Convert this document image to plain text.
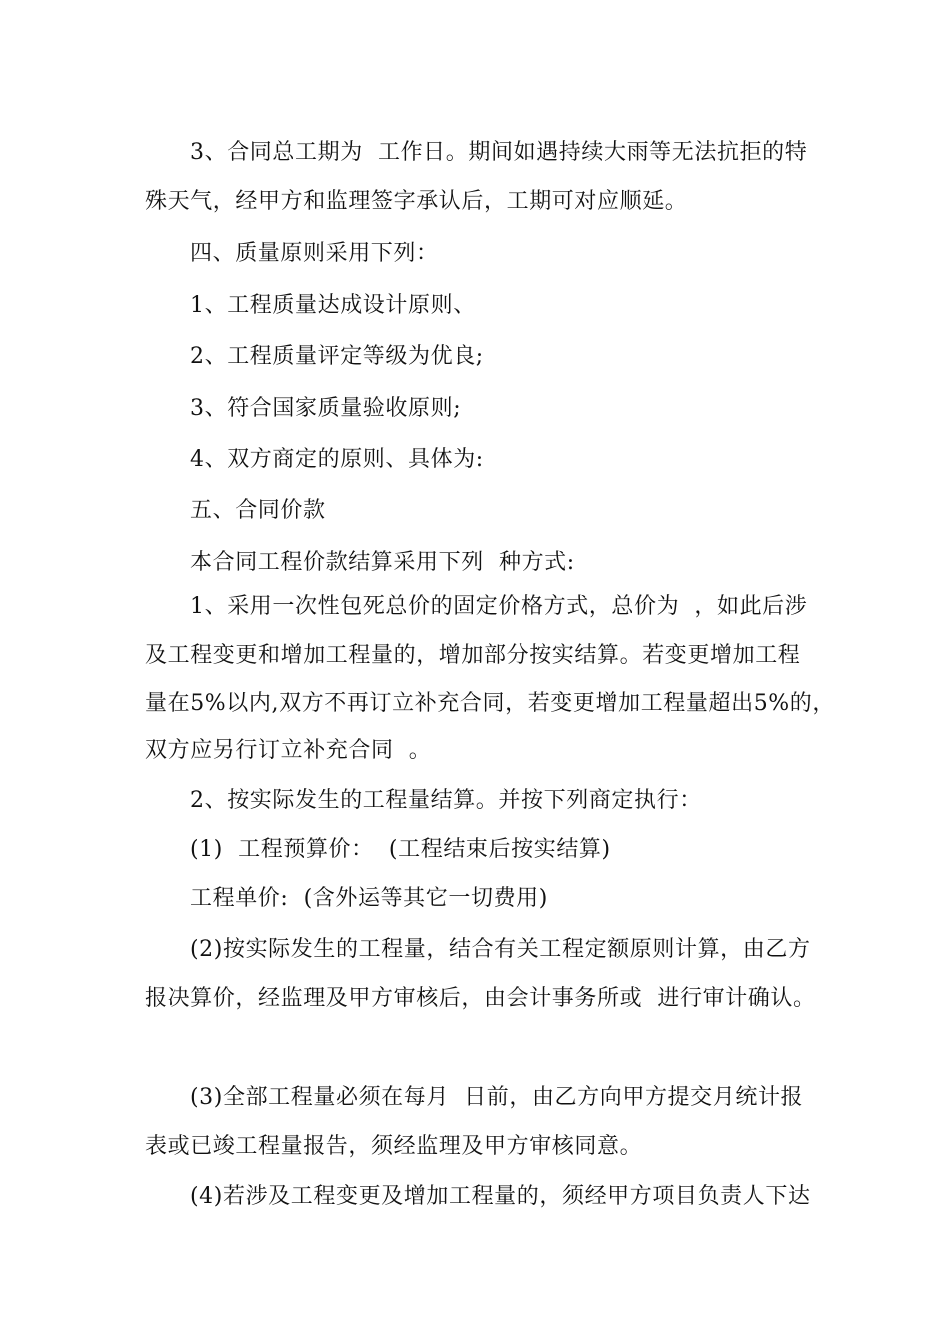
3、合同总工期为  工作日。期间如遇持续大雨等无法抗拒的特
殊天气，经甲方和监理签字承认后，工期可对应顺延。
四、质量原则采用下列：
1、工程质量达成设计原则、
2、工程质量评定等级为优良;
3、符合国家质量验收原则;
4、双方商定的原则、具体为:
五、合同价款
本合同工程价款结算采用下列  种方式:
1、采用一次性包死总价的固定价格方式，总价为  ，如此后涉
及工程变更和增加工程量的，增加部分按实结算。若变更增加工程
量在5%以内,双方不再订立补充合同，若变更增加工程量超出5%的，
双方应另行订立补充合同  。
2、按实际发生的工程量结算。并按下列商定执行：
(1)  工程预算价：  (工程结束后按实结算)
工程单价:  (含外运等其它一切费用)
(2)按实际发生的工程量，结合有关工程定额原则计算，由乙方
报决算价，经监理及甲方审核后，由会计事务所或  进行审计确认。
(3)全部工程量必须在每月  日前，由乙方向甲方提交月统计报
表或已竣工程量报告，须经监理及甲方审核同意。
(4)若涉及工程变更及增加工程量的，须经甲方项目负责人下达
